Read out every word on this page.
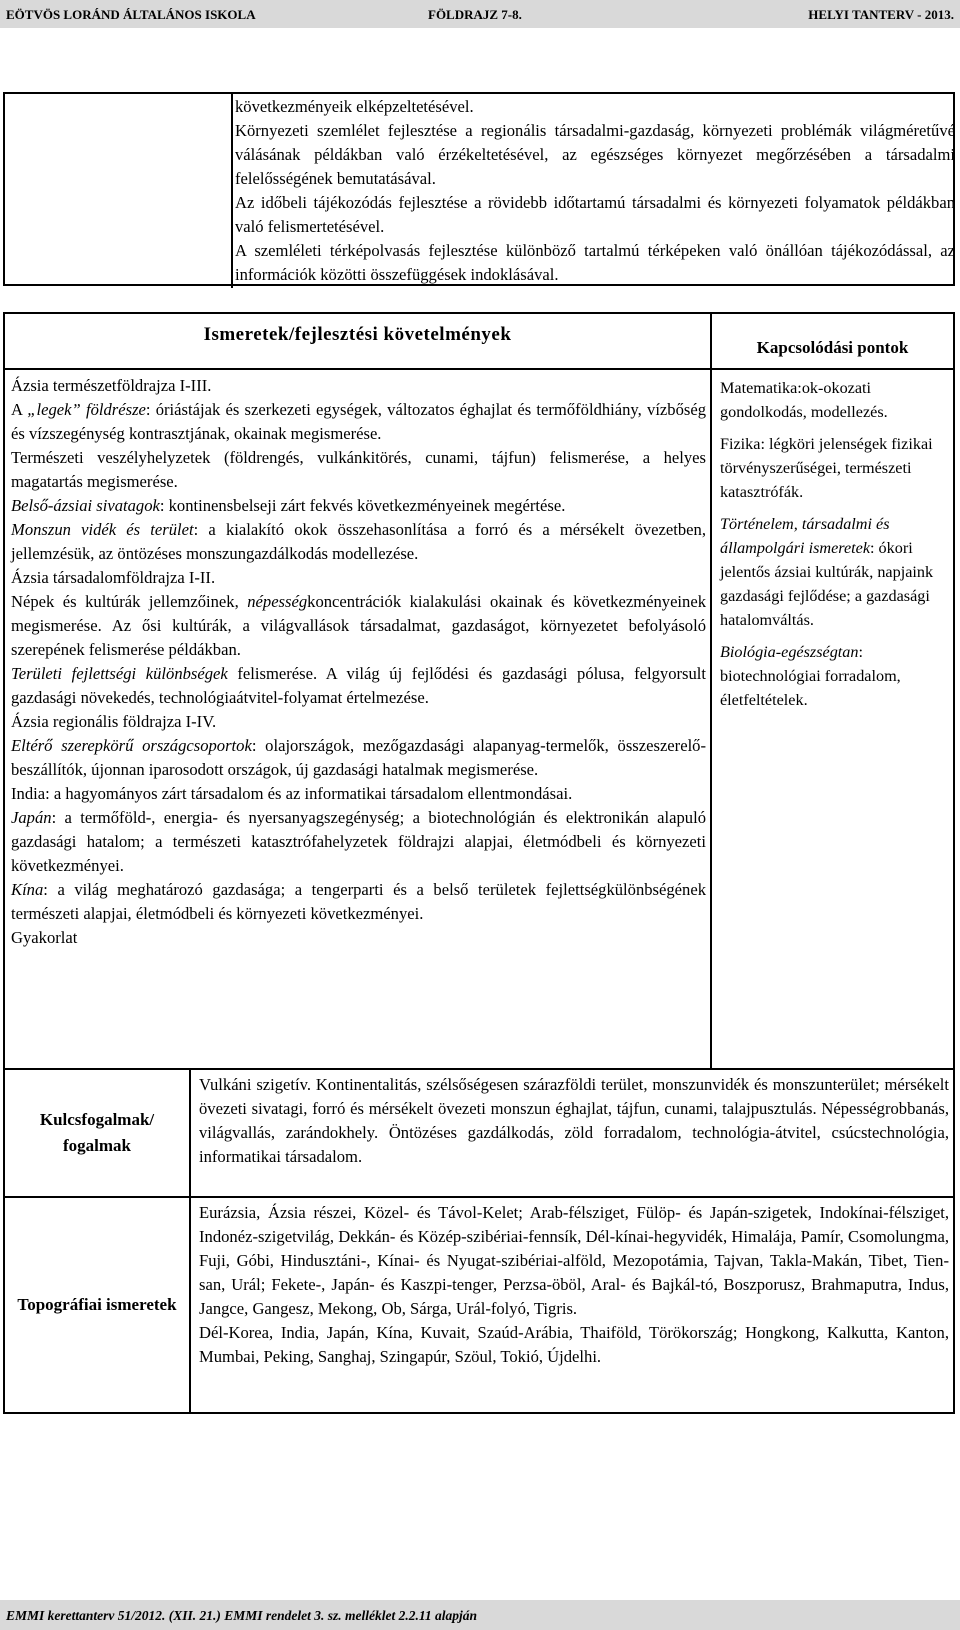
EÖTVÖS LORÁND ÁLTALÁNOS ISKOLA	FÖLDRAJZ 7-8.	HELYI TANTERV - 2013.

következményeik elképzeltetésével.

Környezeti szemlélet fejlesztése a regionális társadalmi-gazdaság, környezeti problémák világméretűvé válásának példákban való érzékeltetésével, az egészséges környezet megőrzésében a társadalmi felelősségének bemutatásával.

Az időbeli tájékozódás fejlesztése a rövidebb időtartamú társadalmi és környezeti folyamatok példákban való felismertetésével.

A szemléleti térképolvasás fejlesztése különböző tartalmú térképeken való önállóan tájékozódással, az információk közötti összefüggések indoklásával.

Ismeretek/fejlesztési követelmények

Ázsia természetföldrajza I-III.

A „legek” földrésze: óriástájak és szerkezeti egységek, változatos éghajlat és termőföldhiány, vízbőség és vízszegénység kontrasztjának, okainak megismerése.

Természeti veszélyhelyzetek (földrengés, vulkánkitörés, cunami, tájfun) felismerése, a helyes magatartás megismerése.

Belső-ázsiai sivatagok: kontinensbelseji zárt fekvés következményeinek megértése.

Monszun vidék és terület: a kialakító okok összehasonlítása a forró és a mérsékelt övezetben, jellemzésük, az öntözéses monszungazdálkodás modellezése.

Ázsia társadalomföldrajza I-II.

Népek és kultúrák jellemzőinek, népességkoncentrációk kialakulási okainak és következményeinek megismerése. Az ősi kultúrák, a világvallások társadalmat, gazdaságot, környezetet befolyásoló szerepének felismerése példákban.

Területi fejlettségi különbségek felismerése. A világ új fejlődési és gazdasági pólusa, felgyorsult gazdasági növekedés, technológiaátvitel-folyamat értelmezése.

Ázsia regionális földrajza I-IV.

Eltérő szerepkörű országcsoportok: olajországok, mezőgazdasági alapanyag-termelők, összeszerelő-beszállítók, újonnan iparosodott országok, új gazdasági hatalmak megismerése.

India: a hagyományos zárt társadalom és az informatikai társadalom ellentmondásai.

Japán: a termőföld-, energia- és nyersanyagszegénység; a biotechnológián és elektronikán alapuló gazdasági hatalom; a természeti katasztrófahelyzetek földrajzi alapjai, életmódbeli és környezeti következményei.

Kína: a világ meghatározó gazdasága; a tengerparti és a belső területek fejlettségkülönbségének természeti alapjai, életmódbeli és környezeti következményei.

Gyakorlat

Kapcsolódási pontok

Matematika:ok-okozati gondolkodás, modellezés.

Fizika: légköri jelenségek fizikai törvényszerűségei, természeti katasztrófák.

Történelem, társadalmi és állampolgári ismeretek: ókori jelentős ázsiai kultúrák, napjaink gazdasági fejlődése; a gazdasági hatalomváltás.

Biológia-egészségtan: biotechnológiai forradalom, életfeltételek.

Kulcsfogalmak/ fogalmak

Vulkáni szigetív. Kontinentalitás, szélsőségesen szárazföldi terület, monszunvidék és monszunterület; mérsékelt övezeti sivatagi, forró és mérsékelt övezeti monszun éghajlat, tájfun, cunami, talajpusztulás. Népességrobbanás, világvallás, zarándokhely. Öntözéses gazdálkodás, zöld forradalom, technológia-átvitel, csúcstechnológia, informatikai társadalom.

Topográfiai ismeretek

Eurázsia, Ázsia részei, Közel- és Távol-Kelet; Arab-félsziget, Fülöp- és Japán-szigetek, Indokínai-félsziget, Indonéz-szigetvilág, Dekkán- és Közép-szibériai-fennsík, Dél-kínai-hegyvidék, Himalája, Pamír, Csomolungma, Fuji, Góbi, Hindusztáni-, Kínai- és Nyugat-szibériai-alföld, Mezopotámia, Tajvan, Takla-Makán, Tibet, Tien-san, Urál; Fekete-, Japán- és Kaszpi-tenger, Perzsa-öböl, Aral- és Bajkál-tó, Boszporusz, Brahmaputra, Indus, Jangce, Gangesz, Mekong, Ob, Sárga, Urál-folyó, Tigris.

Dél-Korea, India, Japán, Kína, Kuvait, Szaúd-Arábia, Thaiföld, Törökország; Hongkong, Kalkutta, Kanton, Mumbai, Peking, Sanghaj, Szingapúr, Szöul, Tokió, Újdelhi.

EMMI kerettanterv 51/2012. (XII. 21.) EMMI rendelet 3. sz. melléklet 2.2.11 alapján
